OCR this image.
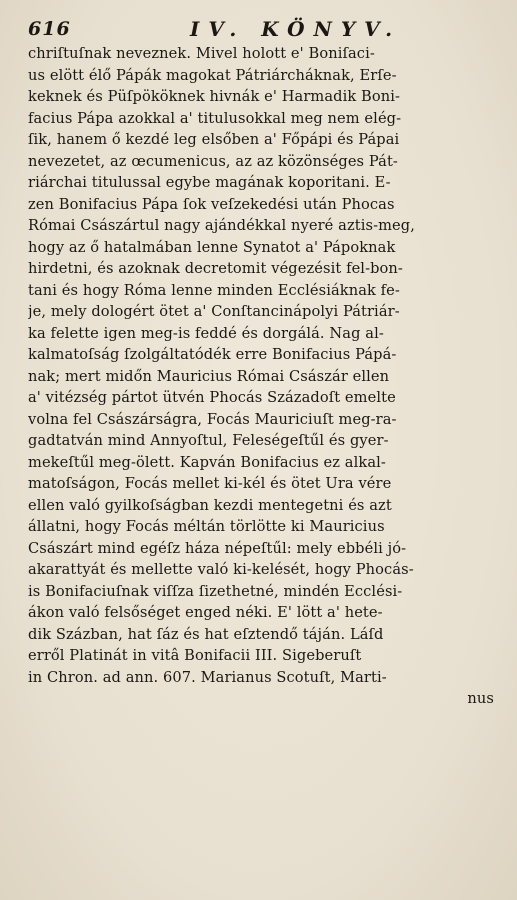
616	IV. KÖNYV.
chriſtuſnak neveznek. Mivel holott e' Boniſaci-
us elött élő Pápák magokat Pátriárcháknak, Erſe-
keknek és Püſpököknek hivnák e' Harmadik Boni-
facius Pápa azokkal a' titulusokkal meg nem elég-
ſik, hanem ő kezdé leg elsőben a' Főpápi és Pápai
nevezetet, az œcumenicus, az az közönséges Pát-
riárchai titulussal egybe magának koporitani. E-
zen Bonifacius Pápa ſok veſzekedési után Phocas
Római Császártul nagy ajándékkal nyeré aztis-meg,
hogy az ő hatalmában lenne Synatot a' Pápoknak
hirdetni, és azoknak decretomit végezésit fel-bon-
tani és hogy Róma lenne minden Ecclésiáknak fe-
je, mely dologért ötet a' Conſtancinápolyi Pátriár-
ka felette igen meg-is feddé és dorgálá. Nag al-
kalmatoſság ſzolgáltatódék erre Bonifacius Pápá-
nak; mert midőn Mauricius Római Császár ellen
a' vitézség pártot ütvén Phocás Századoſt emelte
volna fel Császárságra, Focás Mauriciuſt meg-ra-
gadtatván mind Annyoſtul, Feleségeſtűl és gyer-
mekeſtűl meg-ölett. Kapván Bonifacius ez alkal-
matoſságon, Focás mellet ki-kél és ötet Ura vére
ellen való gyilkoſságban kezdi mentegetni és azt
állatni, hogy Focás méltán törlötte ki Mauricius
Császárt mind egéſz háza népeſtűl: mely ebbéli jó-
akarattyát és mellette való ki-kelését, hogy Phocás-
is Bonifaciuſnak viſſza ſizethetné, mindén Ecclési-
ákon való felsőséget enged néki. E' lött a' hete-
dik Százban, hat ſáz és hat eſztendő táján. Láſd
erről Platinát in vitâ Bonifacii III. Sigeberuſt
in Chron. ad ann. 607. Marianus Scotuſt, Marti-
nus
